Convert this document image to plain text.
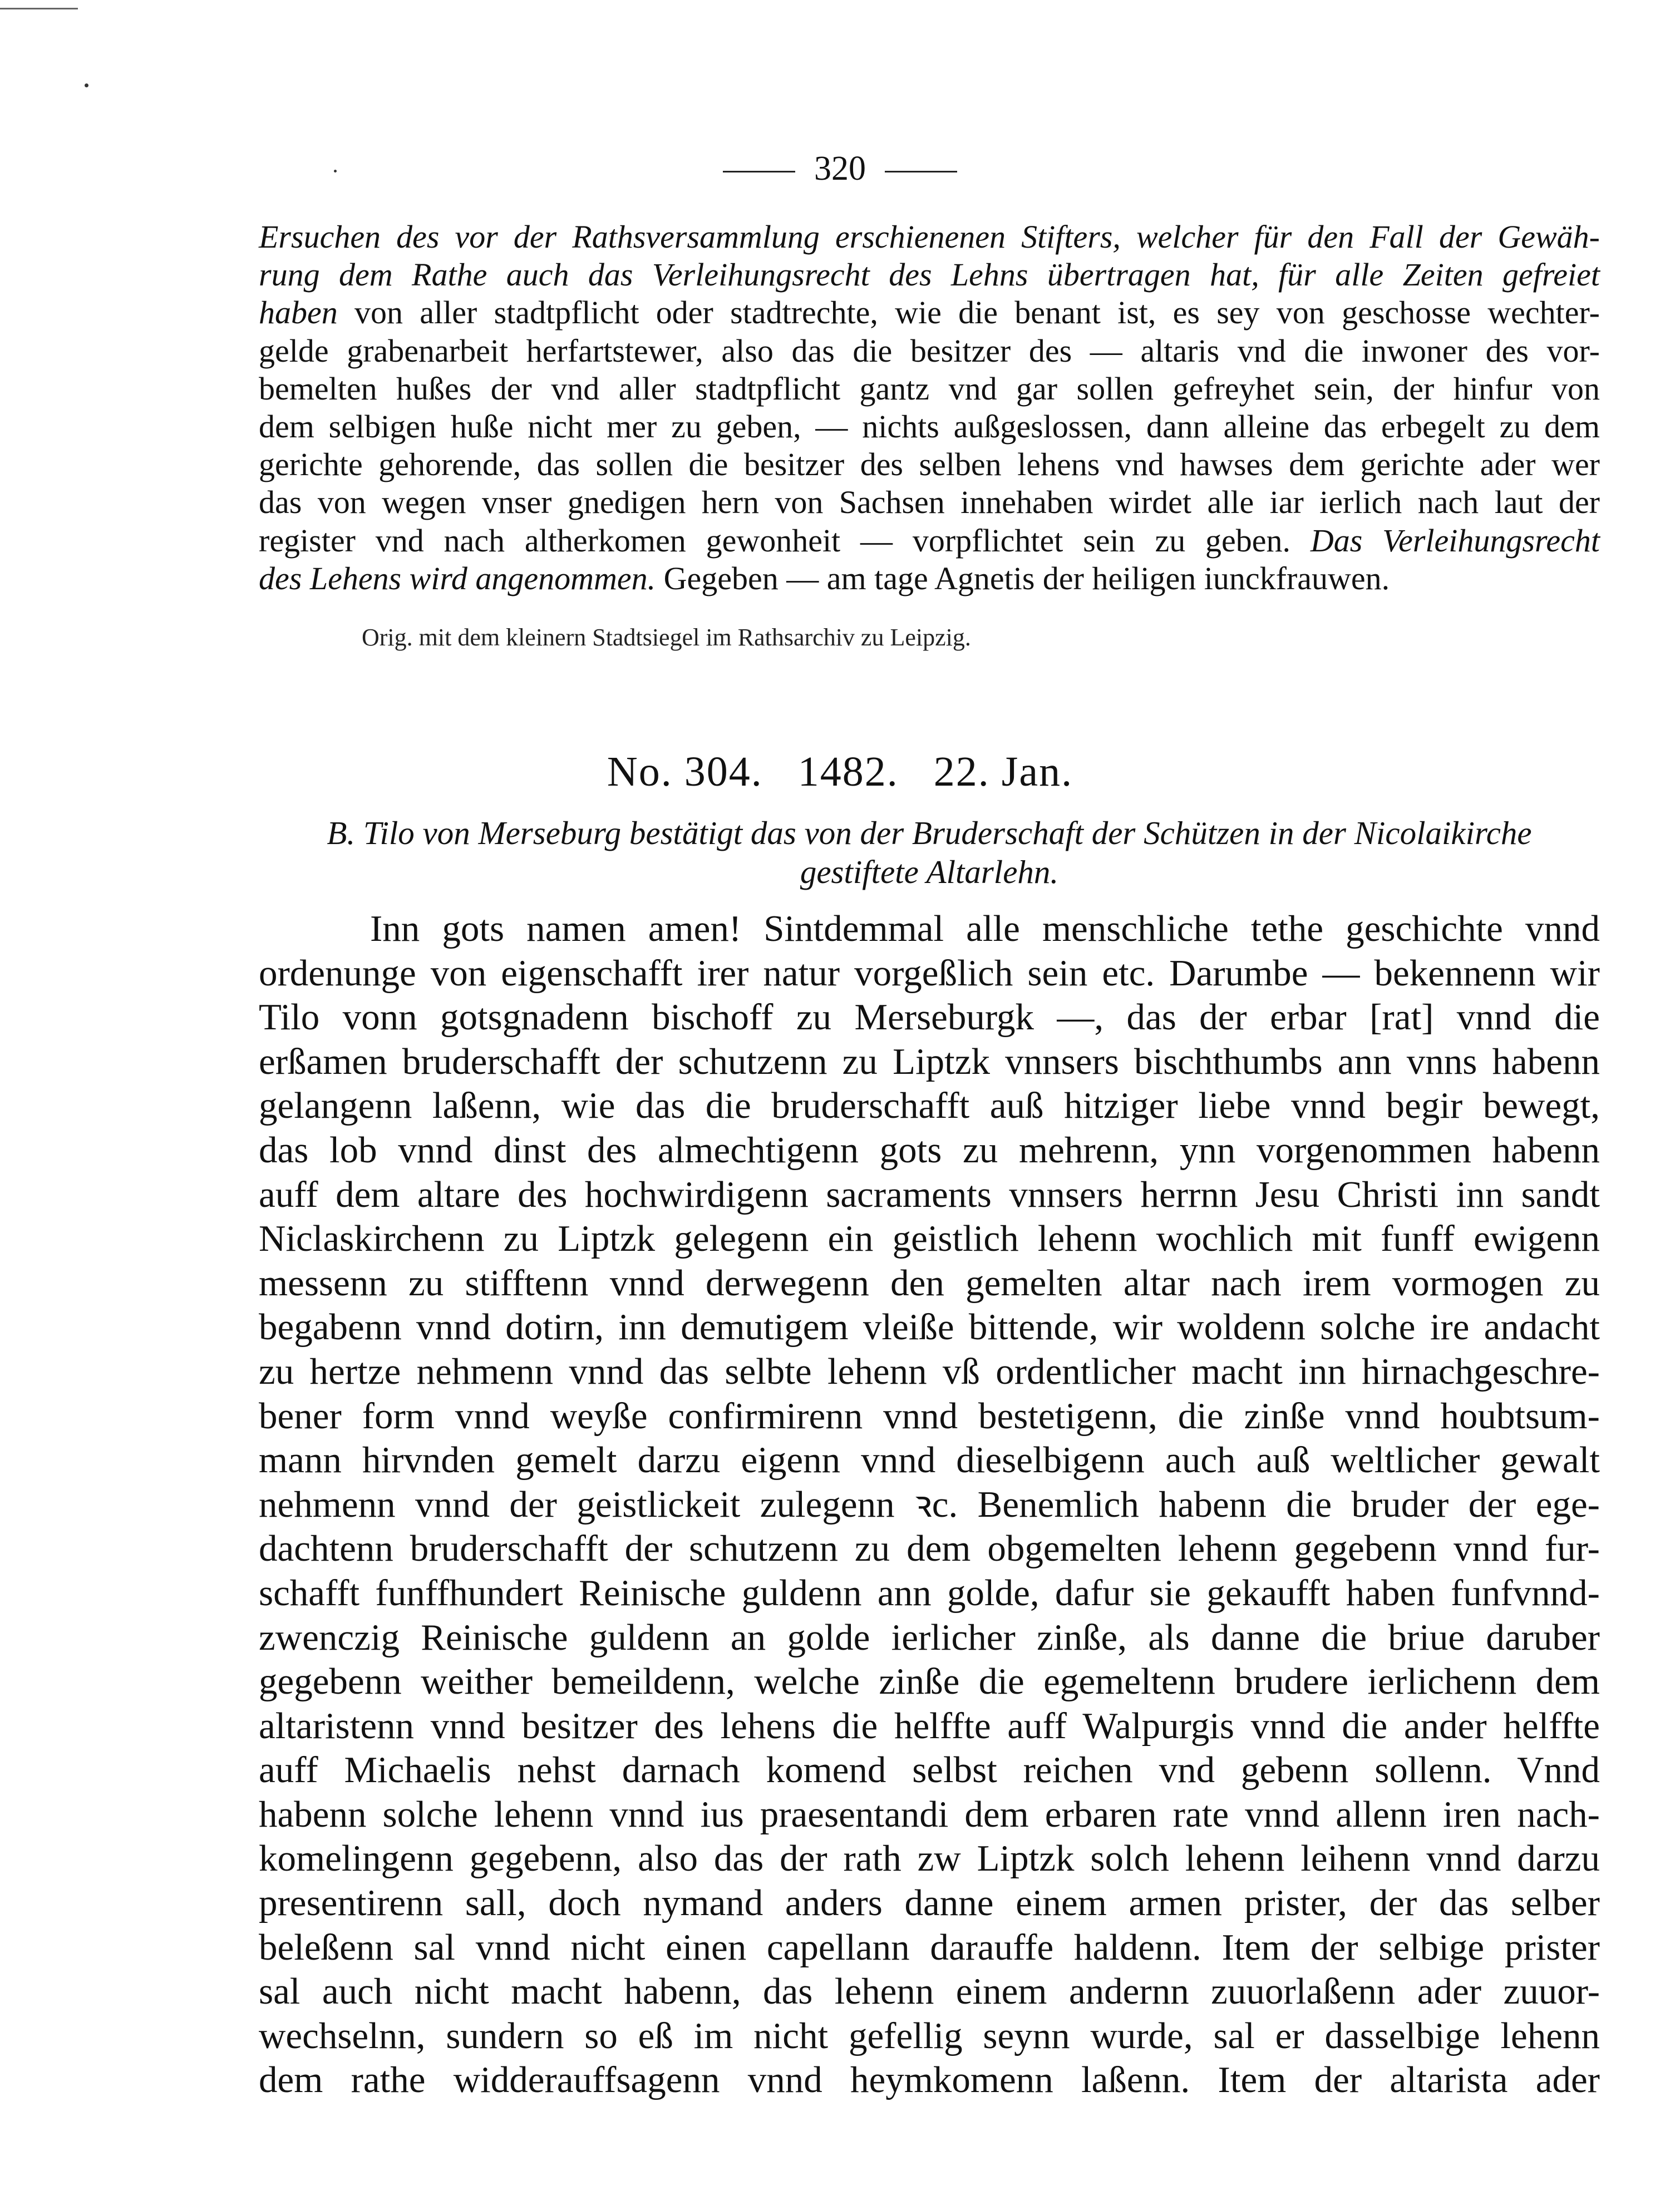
320
Ersuchen des vor der Rathsversammlung erschienenen Stifters, welcher für den Fall der Gewäh-
rung dem Rathe auch das Verleihungsrecht des Lehns übertragen hat, für alle Zeiten gefreiet
haben von aller stadtpflicht oder stadtrechte, wie die benant ist, es sey von geschosse wechter-
gelde grabenarbeit herfartstewer, also das die besitzer des — altaris vnd die inwoner des vor-
bemelten hußes der vnd aller stadtpflicht gantz vnd gar sollen gefreyhet sein, der hinfur von
dem selbigen huße nicht mer zu geben, — nichts außgeslossen, dann alleine das erbegelt zu dem
gerichte gehorende, das sollen die besitzer des selben lehens vnd hawses dem gerichte ader wer
das von wegen vnser gnedigen hern von Sachsen innehaben wirdet alle iar ierlich nach laut der
register vnd nach altherkomen gewonheit — vorpflichtet sein zu geben. Das Verleihungsrecht
des Lehens wird angenommen. Gegeben — am tage Agnetis der heiligen iunckfrauwen.
Orig. mit dem kleinern Stadtsiegel im Rathsarchiv zu Leipzig.
No. 304.   1482.   22. Jan.
B. Tilo von Merseburg bestätigt das von der Bruderschaft der Schützen in der Nicolaikirche
gestiftete Altarlehn.
Inn gots namen amen! Sintdemmal alle menschliche tethe geschichte vnnd
ordenunge von eigenschafft irer natur vorgeßlich sein etc. Darumbe — bekennenn wir
Tilo vonn gotsgnadenn bischoff zu Merseburgk —, das der erbar [rat] vnnd die
erßamen bruderschafft der schutzenn zu Liptzk vnnsers bischthumbs ann vnns habenn
gelangenn laßenn, wie das die bruderschafft auß hitziger liebe vnnd begir bewegt,
das lob vnnd dinst des almechtigenn gots zu mehrenn, ynn vorgenommen habenn
auff dem altare des hochwirdigenn sacraments vnnsers herrnn Jesu Christi inn sandt
Niclaskirchenn zu Liptzk gelegenn ein geistlich lehenn wochlich mit funff ewigenn
messenn zu stifftenn vnnd derwegenn den gemelten altar nach irem vormogen zu
begabenn vnnd dotirn, inn demutigem vleiße bittende, wir woldenn solche ire andacht
zu hertze nehmenn vnnd das selbte lehenn vß ordentlicher macht inn hirnachgeschre-
bener form vnnd weyße confirmirenn vnnd bestetigenn, die zinße vnnd houbtsum-
mann hirvnden gemelt darzu eigenn vnnd dieselbigenn auch auß weltlicher gewalt
nehmenn vnnd der geistlickeit zulegenn ꝛc. Benemlich habenn die bruder der ege-
dachtenn bruderschafft der schutzenn zu dem obgemelten lehenn gegebenn vnnd fur-
schafft funffhundert Reinische guldenn ann golde, dafur sie gekaufft haben funfvnnd-
zwenczig Reinische guldenn an golde ierlicher zinße, als danne die briue daruber
gegebenn weither bemeildenn, welche zinße die egemeltenn brudere ierlichenn dem
altaristenn vnnd besitzer des lehens die helffte auff Walpurgis vnnd die ander helffte
auff Michaelis nehst darnach komend selbst reichen vnd gebenn sollenn. Vnnd
habenn solche lehenn vnnd ius praesentandi dem erbaren rate vnnd allenn iren nach-
komelingenn gegebenn, also das der rath zw Liptzk solch lehenn leihenn vnnd darzu
presentirenn sall, doch nymand anders danne einem armen prister, der das selber
beleßenn sal vnnd nicht einen capellann darauffe haldenn. Item der selbige prister
sal auch nicht macht habenn, das lehenn einem andernn zuuorlaßenn ader zuuor-
wechselnn, sundern so eß im nicht gefellig seynn wurde, sal er dasselbige lehenn
dem rathe widderauffsagenn vnnd heymkomenn laßenn. Item der altarista ader
